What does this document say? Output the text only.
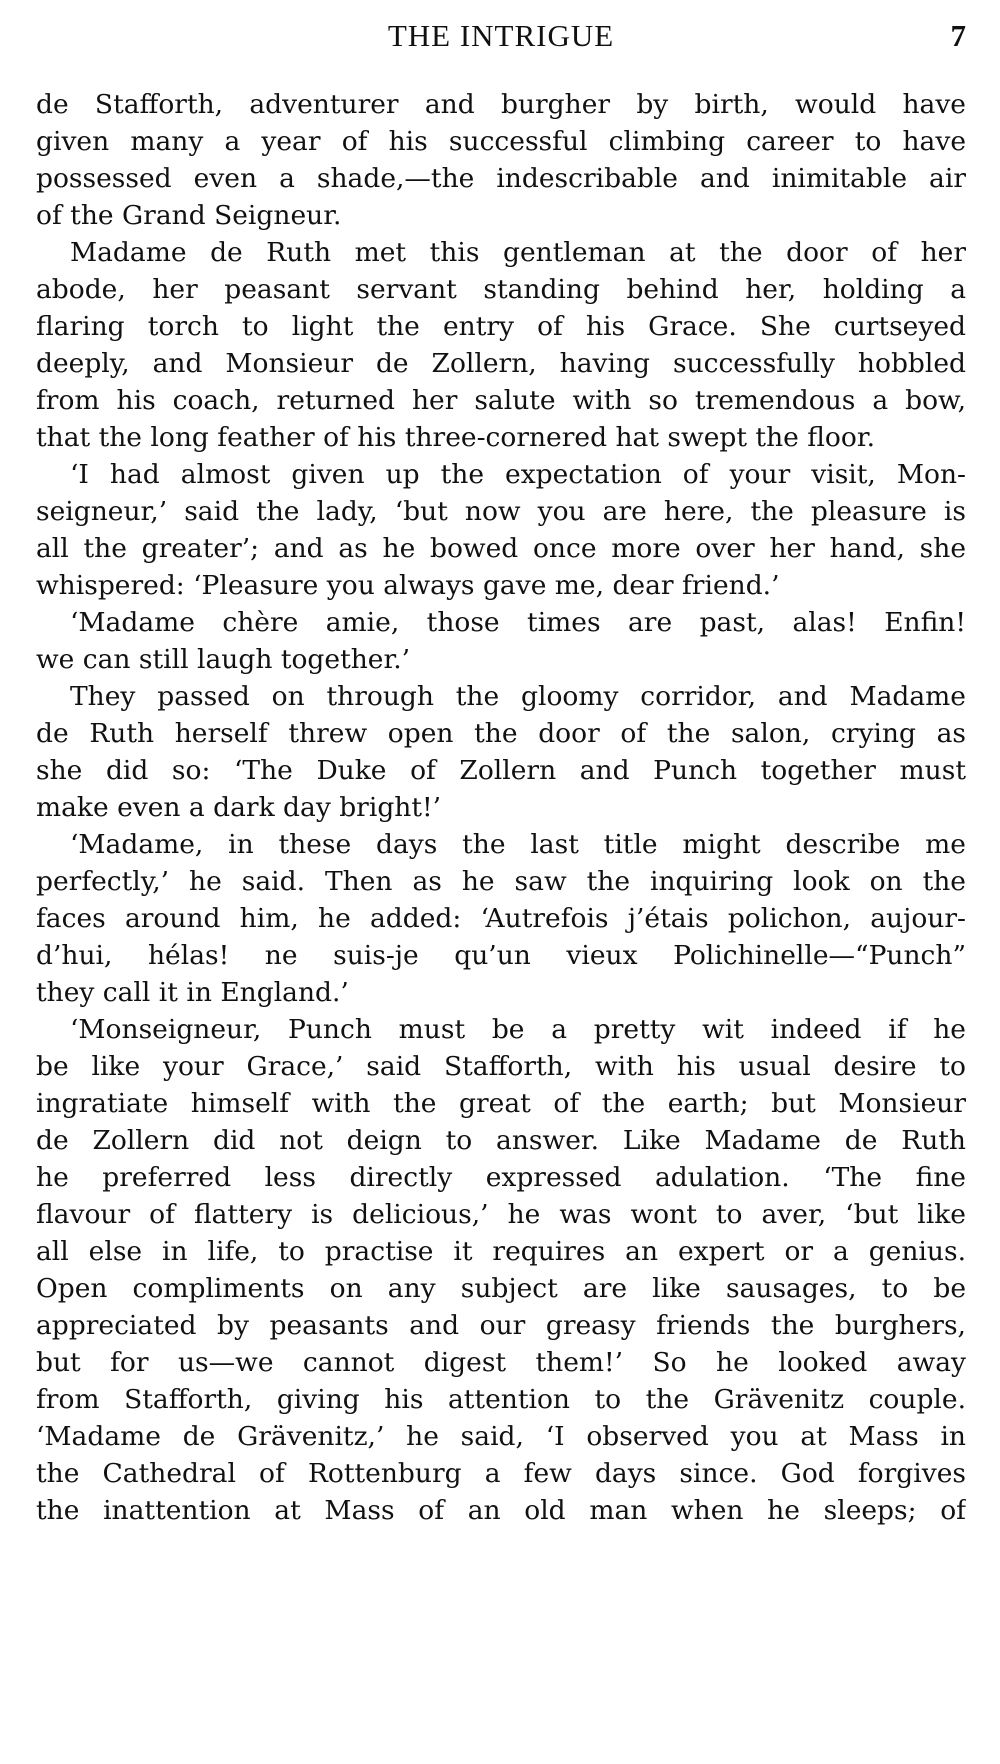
THE INTRIGUE	7
de Stafforth, adventurer and burgher by birth, would have
given many a year of his successful climbing career to have
possessed even a shade,—the indescribable and inimitable air
of the Grand Seigneur.
Madame de Ruth met this gentleman at the door of her
abode, her peasant servant standing behind her, holding a
flaring torch to light the entry of his Grace. She curtseyed
deeply, and Monsieur de Zollern, having successfully hobbled
from his coach, returned her salute with so tremendous a bow,
that the long feather of his three-cornered hat swept the floor.
‘I had almost given up the expectation of your visit, Mon-
seigneur,’ said the lady, ‘but now you are here, the pleasure is
all the greater’; and as he bowed once more over her hand, she
whispered: ‘Pleasure you always gave me, dear friend.’
‘Madame chère amie, those times are past, alas! Enfin!
we can still laugh together.’
They passed on through the gloomy corridor, and Madame
de Ruth herself threw open the door of the salon, crying as
she did so: ‘The Duke of Zollern and Punch together must
make even a dark day bright!’
‘Madame, in these days the last title might describe me
perfectly,’ he said. Then as he saw the inquiring look on the
faces around him, he added: ‘Autrefois j’étais polichon, aujour-
d’hui, hélas! ne suis-je qu’un vieux Polichinelle—“Punch”
they call it in England.’
‘Monseigneur, Punch must be a pretty wit indeed if he
be like your Grace,’ said Stafforth, with his usual desire to
ingratiate himself with the great of the earth; but Monsieur
de Zollern did not deign to answer. Like Madame de Ruth
he preferred less directly expressed adulation. ‘The fine
flavour of flattery is delicious,’ he was wont to aver, ‘but like
all else in life, to practise it requires an expert or a genius.
Open compliments on any subject are like sausages, to be
appreciated by peasants and our greasy friends the burghers,
but for us—we cannot digest them!’ So he looked away
from Stafforth, giving his attention to the Grävenitz couple.
‘Madame de Grävenitz,’ he said, ‘I observed you at Mass in
the Cathedral of Rottenburg a few days since. God forgives
the inattention at Mass of an old man when he sleeps; of
